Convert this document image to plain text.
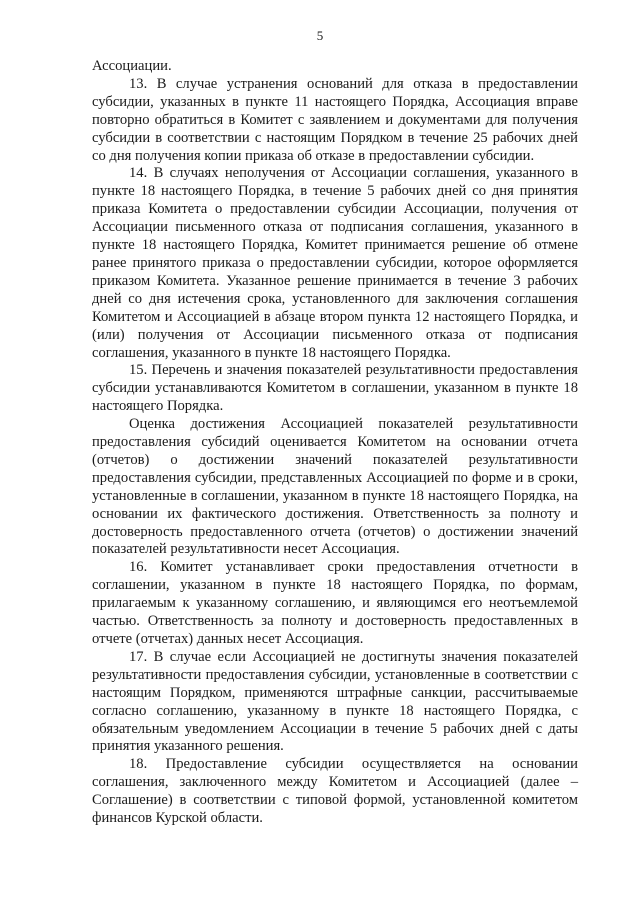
5

Ассоциации.

13. В случае устранения оснований для отказа в предоставлении субсидии, указанных в пункте 11 настоящего Порядка, Ассоциация вправе повторно обратиться в Комитет с заявлением и документами для получения субсидии в соответствии с настоящим Порядком в течение 25 рабочих дней со дня получения копии приказа об отказе в предоставлении субсидии.

14. В случаях неполучения от Ассоциации соглашения, указанного в пункте 18 настоящего Порядка, в течение 5 рабочих дней со дня принятия приказа Комитета о предоставлении субсидии Ассоциации, получения от Ассоциации письменного отказа от подписания соглашения, указанного в пункте 18 настоящего Порядка, Комитет принимается решение об отмене ранее принятого приказа о предоставлении субсидии, которое оформляется приказом Комитета. Указанное решение принимается в течение 3 рабочих дней со дня истечения срока, установленного для заключения соглашения Комитетом и Ассоциацией в абзаце втором пункта 12 настоящего Порядка, и (или) получения от Ассоциации письменного отказа от подписания соглашения, указанного в пункте 18 настоящего Порядка.

15. Перечень и значения показателей результативности предоставления субсидии устанавливаются Комитетом в соглашении, указанном в пункте 18 настоящего Порядка.

Оценка достижения Ассоциацией показателей результативности предоставления субсидий оценивается Комитетом на основании отчета (отчетов) о достижении значений показателей результативности предоставления субсидии, представленных Ассоциацией по форме и в сроки, установленные в соглашении, указанном в пункте 18 настоящего Порядка, на основании их фактического достижения. Ответственность за полноту и достоверность предоставленного отчета (отчетов) о достижении значений показателей результативности несет Ассоциация.

16. Комитет устанавливает сроки предоставления отчетности в соглашении, указанном в пункте 18 настоящего Порядка, по формам, прилагаемым к указанному соглашению, и являющимся его неотъемлемой частью. Ответственность за полноту и достоверность предоставленных в отчете (отчетах) данных несет Ассоциация.

17. В случае если Ассоциацией не достигнуты значения показателей результативности предоставления субсидии, установленные в соответствии с настоящим Порядком, применяются штрафные санкции, рассчитываемые согласно соглашению, указанному в пункте 18 настоящего Порядка, с обязательным уведомлением Ассоциации в течение 5 рабочих дней с даты принятия указанного решения.

18. Предоставление субсидии осуществляется на основании соглашения, заключенного между Комитетом и Ассоциацией (далее – Соглашение) в соответствии с типовой формой, установленной комитетом финансов Курской области.
